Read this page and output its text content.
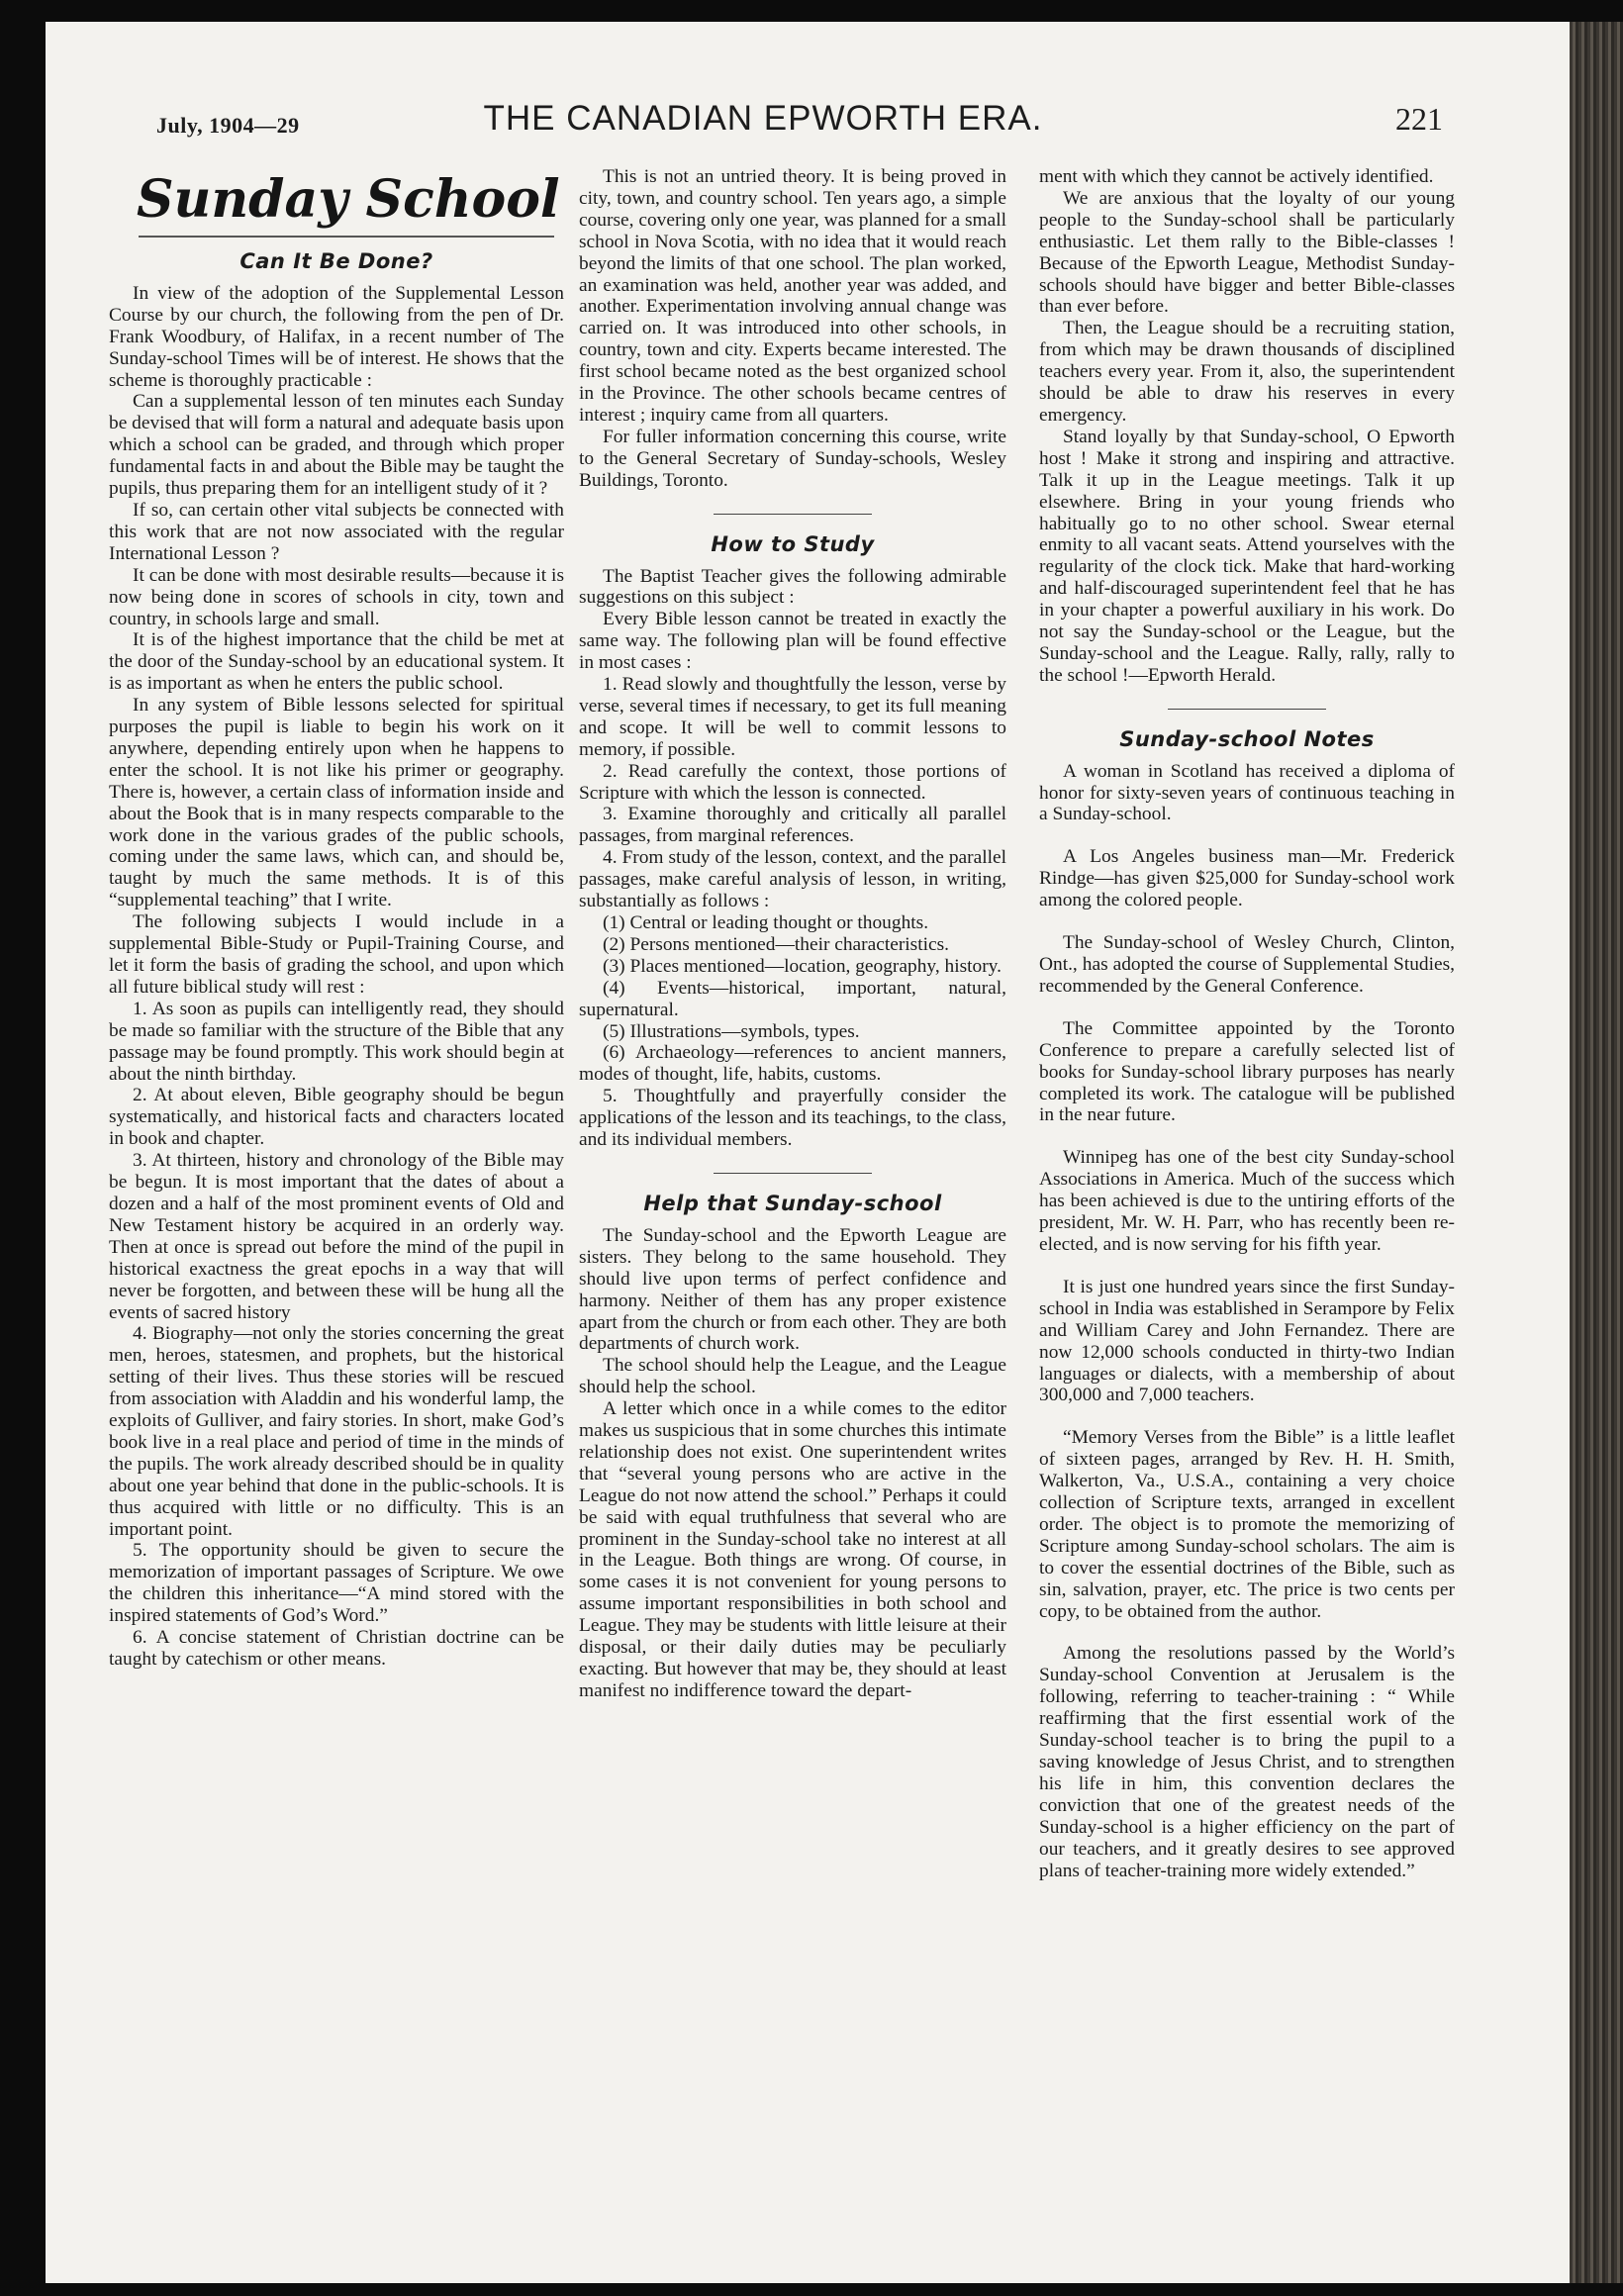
July, 1904—29	THE CANADIAN EPWORTH ERA.	221
Sunday School
Can It Be Done?

In view of the adoption of the Supplemental Lesson Course by our church, the following from the pen of Dr. Frank Woodbury, of Halifax, in a recent number of The Sunday-school Times will be of interest. He shows that the scheme is thoroughly practicable :

Can a supplemental lesson of ten minutes each Sunday be devised that will form a natural and adequate basis upon which a school can be graded, and through which proper fundamental facts in and about the Bible may be taught the pupils, thus preparing them for an intelligent study of it ?

If so, can certain other vital subjects be connected with this work that are not now associated with the regular International Lesson ?

It can be done with most desirable results—because it is now being done in scores of schools in city, town and country, in schools large and small.

It is of the highest importance that the child be met at the door of the Sunday-school by an educational system. It is as important as when he enters the public school.

In any system of Bible lessons selected for spiritual purposes the pupil is liable to begin his work on it anywhere, depending entirely upon when he happens to enter the school. It is not like his primer or geography. There is, however, a certain class of information inside and about the Book that is in many respects comparable to the work done in the various grades of the public schools, coming under the same laws, which can, and should be, taught by much the same methods. It is of this “supplemental teaching” that I write.

The following subjects I would include in a supplemental Bible-Study or Pupil-Training Course, and let it form the basis of grading the school, and upon which all future biblical study will rest :

1. As soon as pupils can intelligently read, they should be made so familiar with the structure of the Bible that any passage may be found promptly. This work should begin at about the ninth birthday.

2. At about eleven, Bible geography should be begun systematically, and historical facts and characters located in book and chapter.

3. At thirteen, history and chronology of the Bible may be begun. It is most important that the dates of about a dozen and a half of the most prominent events of Old and New Testament history be acquired in an orderly way. Then at once is spread out before the mind of the pupil in historical exactness the great epochs in a way that will never be forgotten, and between these will be hung all the events of sacred history

4. Biography—not only the stories concerning the great men, heroes, statesmen, and prophets, but the historical setting of their lives. Thus these stories will be rescued from association with Aladdin and his wonderful lamp, the exploits of Gulliver, and fairy stories. In short, make God’s book live in a real place and period of time in the minds of the pupils. The work already described should be in quality about one year behind that done in the public-schools. It is thus acquired with little or no difficulty. This is an important point.

5. The opportunity should be given to secure the memorization of important passages of Scripture. We owe the children this inheritance—“A mind stored with the inspired statements of God’s Word.”

6. A concise statement of Christian doctrine can be taught by catechism or other means.

This is not an untried theory. It is being proved in city, town, and country school. Ten years ago, a simple course, covering only one year, was planned for a small school in Nova Scotia, with no idea that it would reach beyond the limits of that one school. The plan worked, an examination was held, another year was added, and another. Experimentation involving annual change was carried on. It was introduced into other schools, in country, town and city. Experts became interested. The first school became noted as the best organized school in the Province. The other schools became centres of interest ; inquiry came from all quarters.

For fuller information concerning this course, write to the General Secretary of Sunday-schools, Wesley Buildings, Toronto.

How to Study

The Baptist Teacher gives the following admirable suggestions on this subject :

Every Bible lesson cannot be treated in exactly the same way. The following plan will be found effective in most cases :

1. Read slowly and thoughtfully the lesson, verse by verse, several times if necessary, to get its full meaning and scope. It will be well to commit lessons to memory, if possible.

2. Read carefully the context, those portions of Scripture with which the lesson is connected.

3. Examine thoroughly and critically all parallel passages, from marginal references.

4. From study of the lesson, context, and the parallel passages, make careful analysis of lesson, in writing, substantially as follows :

(1) Central or leading thought or thoughts.

(2) Persons mentioned—their characteristics.

(3) Places mentioned—location, geography, history.

(4) Events—historical, important, natural, supernatural.

(5) Illustrations—symbols, types.

(6) Archaeology—references to ancient manners, modes of thought, life, habits, customs.

5. Thoughtfully and prayerfully consider the applications of the lesson and its teachings, to the class, and its individual members.

Help that Sunday-school

The Sunday-school and the Epworth League are sisters. They belong to the same household. They should live upon terms of perfect confidence and harmony. Neither of them has any proper existence apart from the church or from each other. They are both departments of church work.

The school should help the League, and the League should help the school.

A letter which once in a while comes to the editor makes us suspicious that in some churches this intimate relationship does not exist. One superintendent writes that “several young persons who are active in the League do not now attend the school.” Perhaps it could be said with equal truthfulness that several who are prominent in the Sunday-school take no interest at all in the League. Both things are wrong. Of course, in some cases it is not convenient for young persons to assume important responsibilities in both school and League. They may be students with little leisure at their disposal, or their daily duties may be peculiarly exacting. But however that may be, they should at least manifest no indifference toward the depart-

ment with which they cannot be actively identified.

We are anxious that the loyalty of our young people to the Sunday-school shall be particularly enthusiastic. Let them rally to the Bible-classes ! Because of the Epworth League, Methodist Sunday-schools should have bigger and better Bible-classes than ever before.

Then, the League should be a recruiting station, from which may be drawn thousands of disciplined teachers every year. From it, also, the superintendent should be able to draw his reserves in every emergency.

Stand loyally by that Sunday-school, O Epworth host ! Make it strong and inspiring and attractive. Talk it up in the League meetings. Talk it up elsewhere. Bring in your young friends who habitually go to no other school. Swear eternal enmity to all vacant seats. Attend yourselves with the regularity of the clock tick. Make that hard-working and half-discouraged superintendent feel that he has in your chapter a powerful auxiliary in his work. Do not say the Sunday-school or the League, but the Sunday-school and the League. Rally, rally, rally to the school !—Epworth Herald.

Sunday-school Notes

A woman in Scotland has received a diploma of honor for sixty-seven years of continuous teaching in a Sunday-school.

A Los Angeles business man—Mr. Frederick Rindge—has given $25,000 for Sunday-school work among the colored people.

The Sunday-school of Wesley Church, Clinton, Ont., has adopted the course of Supplemental Studies, recommended by the General Conference.

The Committee appointed by the Toronto Conference to prepare a carefully selected list of books for Sunday-school library purposes has nearly completed its work. The catalogue will be published in the near future.

Winnipeg has one of the best city Sunday-school Associations in America. Much of the success which has been achieved is due to the untiring efforts of the president, Mr. W. H. Parr, who has recently been re-elected, and is now serving for his fifth year.

It is just one hundred years since the first Sunday-school in India was established in Serampore by Felix and William Carey and John Fernandez. There are now 12,000 schools conducted in thirty-two Indian languages or dialects, with a membership of about 300,000 and 7,000 teachers.

“Memory Verses from the Bible” is a little leaflet of sixteen pages, arranged by Rev. H. H. Smith, Walkerton, Va., U.S.A., containing a very choice collection of Scripture texts, arranged in excellent order. The object is to promote the memorizing of Scripture among Sunday-school scholars. The aim is to cover the essential doctrines of the Bible, such as sin, salvation, prayer, etc. The price is two cents per copy, to be obtained from the author.

Among the resolutions passed by the World’s Sunday-school Convention at Jerusalem is the following, referring to teacher-training : “ While reaffirming that the first essential work of the Sunday-school teacher is to bring the pupil to a saving knowledge of Jesus Christ, and to strengthen his life in him, this convention declares the conviction that one of the greatest needs of the Sunday-school is a higher efficiency on the part of our teachers, and it greatly desires to see approved plans of teacher-training more widely extended.”
